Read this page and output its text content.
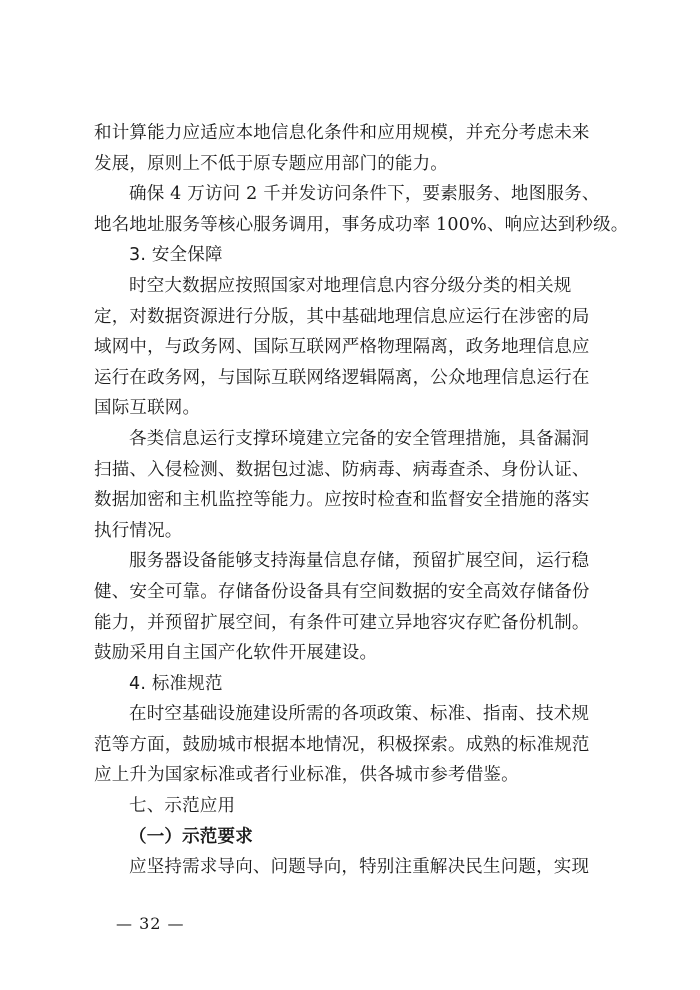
和计算能力应适应本地信息化条件和应用规模，并充分考虑未来
发展，原则上不低于原专题应用部门的能力。
确保 4 万访问 2 千并发访问条件下，要素服务、地图服务、
地名地址服务等核心服务调用，事务成功率 100%、响应达到秒级。
3. 安全保障
时空大数据应按照国家对地理信息内容分级分类的相关规
定，对数据资源进行分版，其中基础地理信息应运行在涉密的局
域网中，与政务网、国际互联网严格物理隔离，政务地理信息应
运行在政务网，与国际互联网络逻辑隔离，公众地理信息运行在
国际互联网。
各类信息运行支撑环境建立完备的安全管理措施，具备漏洞
扫描、入侵检测、数据包过滤、防病毒、病毒查杀、身份认证、
数据加密和主机监控等能力。应按时检查和监督安全措施的落实
执行情况。
服务器设备能够支持海量信息存储，预留扩展空间，运行稳
健、安全可靠。存储备份设备具有空间数据的安全高效存储备份
能力，并预留扩展空间，有条件可建立异地容灾存贮备份机制。
鼓励采用自主国产化软件开展建设。
4. 标准规范
在时空基础设施建设所需的各项政策、标准、指南、技术规
范等方面，鼓励城市根据本地情况，积极探索。成熟的标准规范
应上升为国家标准或者行业标准，供各城市参考借鉴。
七、示范应用
（一）示范要求
应坚持需求导向、问题导向，特别注重解决民生问题，实现
— 32 —
